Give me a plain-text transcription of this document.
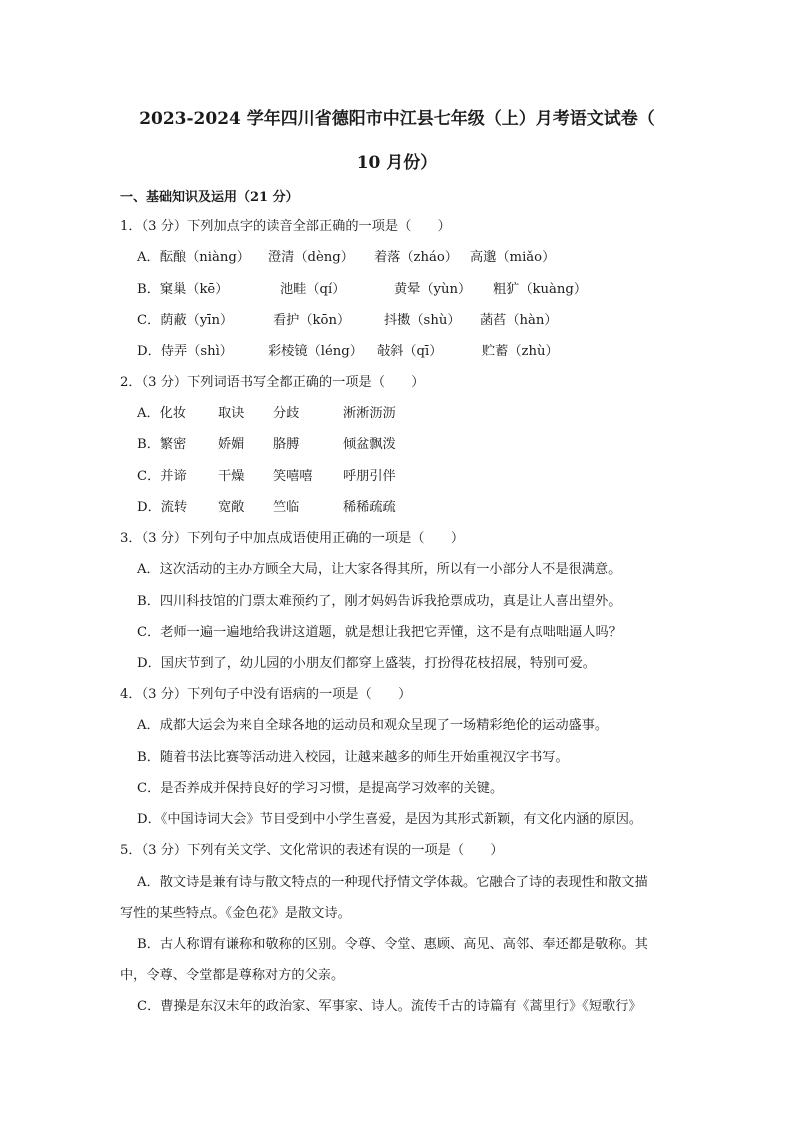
2023-2024 学年四川省德阳市中江县七年级（上）月考语文试卷（
10 月份）
一、基础知识及运用（21 分）
1．（3 分）下列加点字的读音全部正确的一项是（　　）
A．酝酿（niàng） 澄清（dèng） 着落（zháo） 高邈（miǎo）
B．窠巢（kē）	池畦（qí）	黄晕（yùn） 粗犷（kuàng）
C．荫蔽（yīn）	看护（kōn）	抖擞（shù） 菡萏（hàn）
D．侍弄（shì）	彩棱镜（léng） 敧斜（qī）	贮蓄（zhù）
2．（3 分）下列词语书写全都正确的一项是（　　）
A．化妆 取诀 分歧	淅淅沥沥
B．繁密 娇媚 胳膊	倾盆飘泼
C．并谛 干燥 笑嘻嘻 呼朋引伴
D．流转 宽敞 竺临	稀稀疏疏
3．（3 分）下列句子中加点成语使用正确的一项是（　　）
A．这次活动的主办方顾全大局，让大家各得其所，所以有一小部分人不是很满意。
B．四川科技馆的门票太难预约了，刚才妈妈告诉我抢票成功，真是让人喜出望外。
C．老师一遍一遍地给我讲这道题，就是想让我把它弄懂，这不是有点咄咄逼人吗？
D．国庆节到了，幼儿园的小朋友们都穿上盛装，打扮得花枝招展，特别可爱。
4．（3 分）下列句子中没有语病的一项是（　　）
A．成都大运会为来自全球各地的运动员和观众呈现了一场精彩绝伦的运动盛事。
B．随着书法比赛等活动进入校园，让越来越多的师生开始重视汉字书写。
C．是否养成并保持良好的学习习惯，是提高学习效率的关键。
D．《中国诗词大会》节目受到中小学生喜爱，是因为其形式新颖，有文化内涵的原因。
5．（3 分）下列有关文学、文化常识的表述有误的一项是（　　）
A．散文诗是兼有诗与散文特点的一种现代抒情文学体裁。它融合了诗的表现性和散文描
写性的某些特点。《金色花》是散文诗。
B．古人称谓有谦称和敬称的区别。令尊、令堂、惠顾、高见、高邻、奉还都是敬称。其
中，令尊、令堂都是尊称对方的父亲。
C．曹操是东汉末年的政治家、军事家、诗人。流传千古的诗篇有《蒿里行》《短歌行》
